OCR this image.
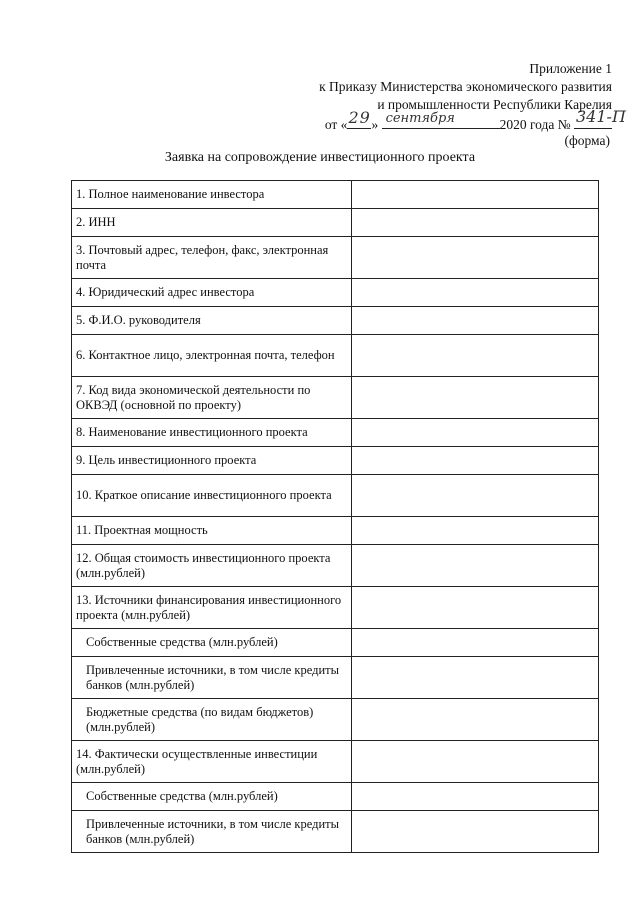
Приложение 1
к Приказу Министерства экономического развития
и промышленности Республики Карелия
от « 29 » сентября	2020 года № 341-П
(форма)
Заявка на сопровождение инвестиционного проекта
1. Полное наименование инвестора	
2. ИНН	
3. Почтовый адрес, телефон, факс, электронная почта	
4. Юридический адрес инвестора	
5. Ф.И.О. руководителя	
6. Контактное лицо, электронная почта, телефон	
7. Код вида экономической деятельности по ОКВЭД (основной по проекту)	
8. Наименование инвестиционного проекта	
9. Цель инвестиционного проекта	
10. Краткое описание инвестиционного проекта	
11. Проектная мощность	
12. Общая стоимость инвестиционного проекта (млн.рублей)	
13. Источники финансирования инвестиционного проекта (млн.рублей)	
Собственные средства (млн.рублей)	
Привлеченные источники, в том числе кредиты банков (млн.рублей)	
Бюджетные средства (по видам бюджетов) (млн.рублей)	
14. Фактически осуществленные инвестиции (млн.рублей)	
Собственные средства (млн.рублей)	
Привлеченные источники, в том числе кредиты банков (млн.рублей)	
